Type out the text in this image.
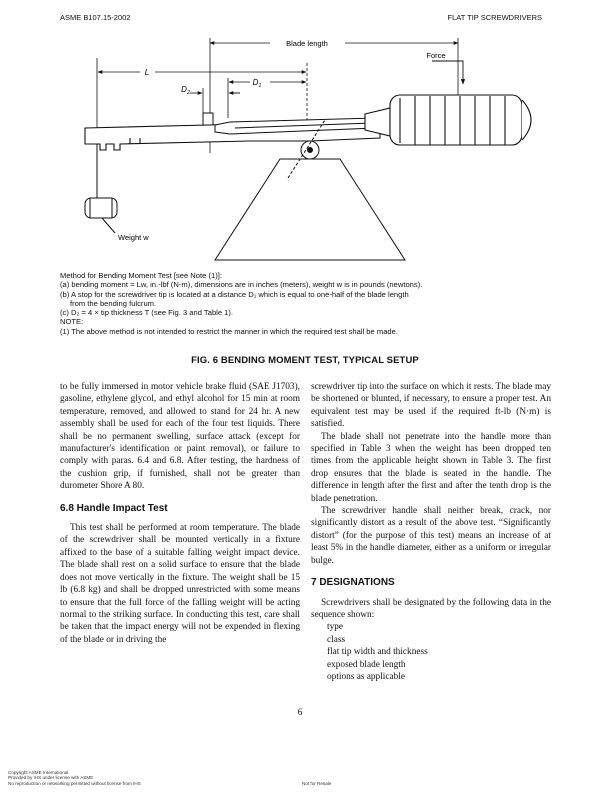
ASME B107.15-2002	FLAT TIP SCREWDRIVERS
Blade length
L
$D_1$
$D_2$
Force
Weight w
Method for Bending Moment Test [see Note (1)]:
(a) bending moment = Lw, in.-lbf (N-m), dimensions are in inches (meters), weight w is in pounds (newtons).
(b) A stop for the screwdriver tip is located at a distance D₁ which is equal to one-half of the blade length
from the bending fulcrum.
(c) D₂ = 4 × tip thickness T (see Fig. 3 and Table 1).
NOTE:
(1) The above method is not intended to restrict the manner in which the required test shall be made.
FIG. 6 BENDING MOMENT TEST, TYPICAL SETUP

to be fully immersed in motor vehicle brake fluid (SAE J1703), gasoline, ethylene glycol, and ethyl alcohol for 15 min at room temperature, removed, and allowed to stand for 24 hr. A new assembly shall be used for each of the four test liquids. There shall be no permanent swelling, surface attack (except for manufacturer's identification or paint removal), or failure to comply with paras. 6.4 and 6.8. After testing, the hardness of the cushion grip, if furnished, shall not be greater than durometer Shore A 80.

6.8 Handle Impact Test

This test shall be performed at room temperature. The blade of the screwdriver shall be mounted vertically in a fixture affixed to the base of a suitable falling weight impact device. The blade shall rest on a solid surface to ensure that the blade does not move vertically in the fixture. The weight shall be 15 lb (6.8 kg) and shall be dropped unrestricted with some means to ensure that the full force of the falling weight will be acting normal to the striking surface. In conducting this test, care shall be taken that the impact energy will not be expended in flexing of the blade or in driving the

screwdriver tip into the surface on which it rests. The blade may be shortened or blunted, if necessary, to ensure a proper test. An equivalent test may be used if the required ft-lb (N·m) is satisfied.

The blade shall not penetrate into the handle more than specified in Table 3 when the weight has been dropped ten times from the applicable height shown in Table 3. The first drop ensures that the blade is seated in the handle. The difference in length after the first and after the tenth drop is the blade penetration.

The screwdriver handle shall neither break, crack, nor significantly distort as a result of the above test. “Significantly distort” (for the purpose of this test) means an increase of at least 5% in the handle diameter, either as a uniform or irregular bulge.

7 DESIGNATIONS

Screwdrivers shall be designated by the following data in the sequence shown:

type
class
flat tip width and thickness
exposed blade length
options as applicable
6
Copyright ASME International
Provided by IHS under license with ASME
No reproduction or networking permitted without license from IHS	Not for Resale
